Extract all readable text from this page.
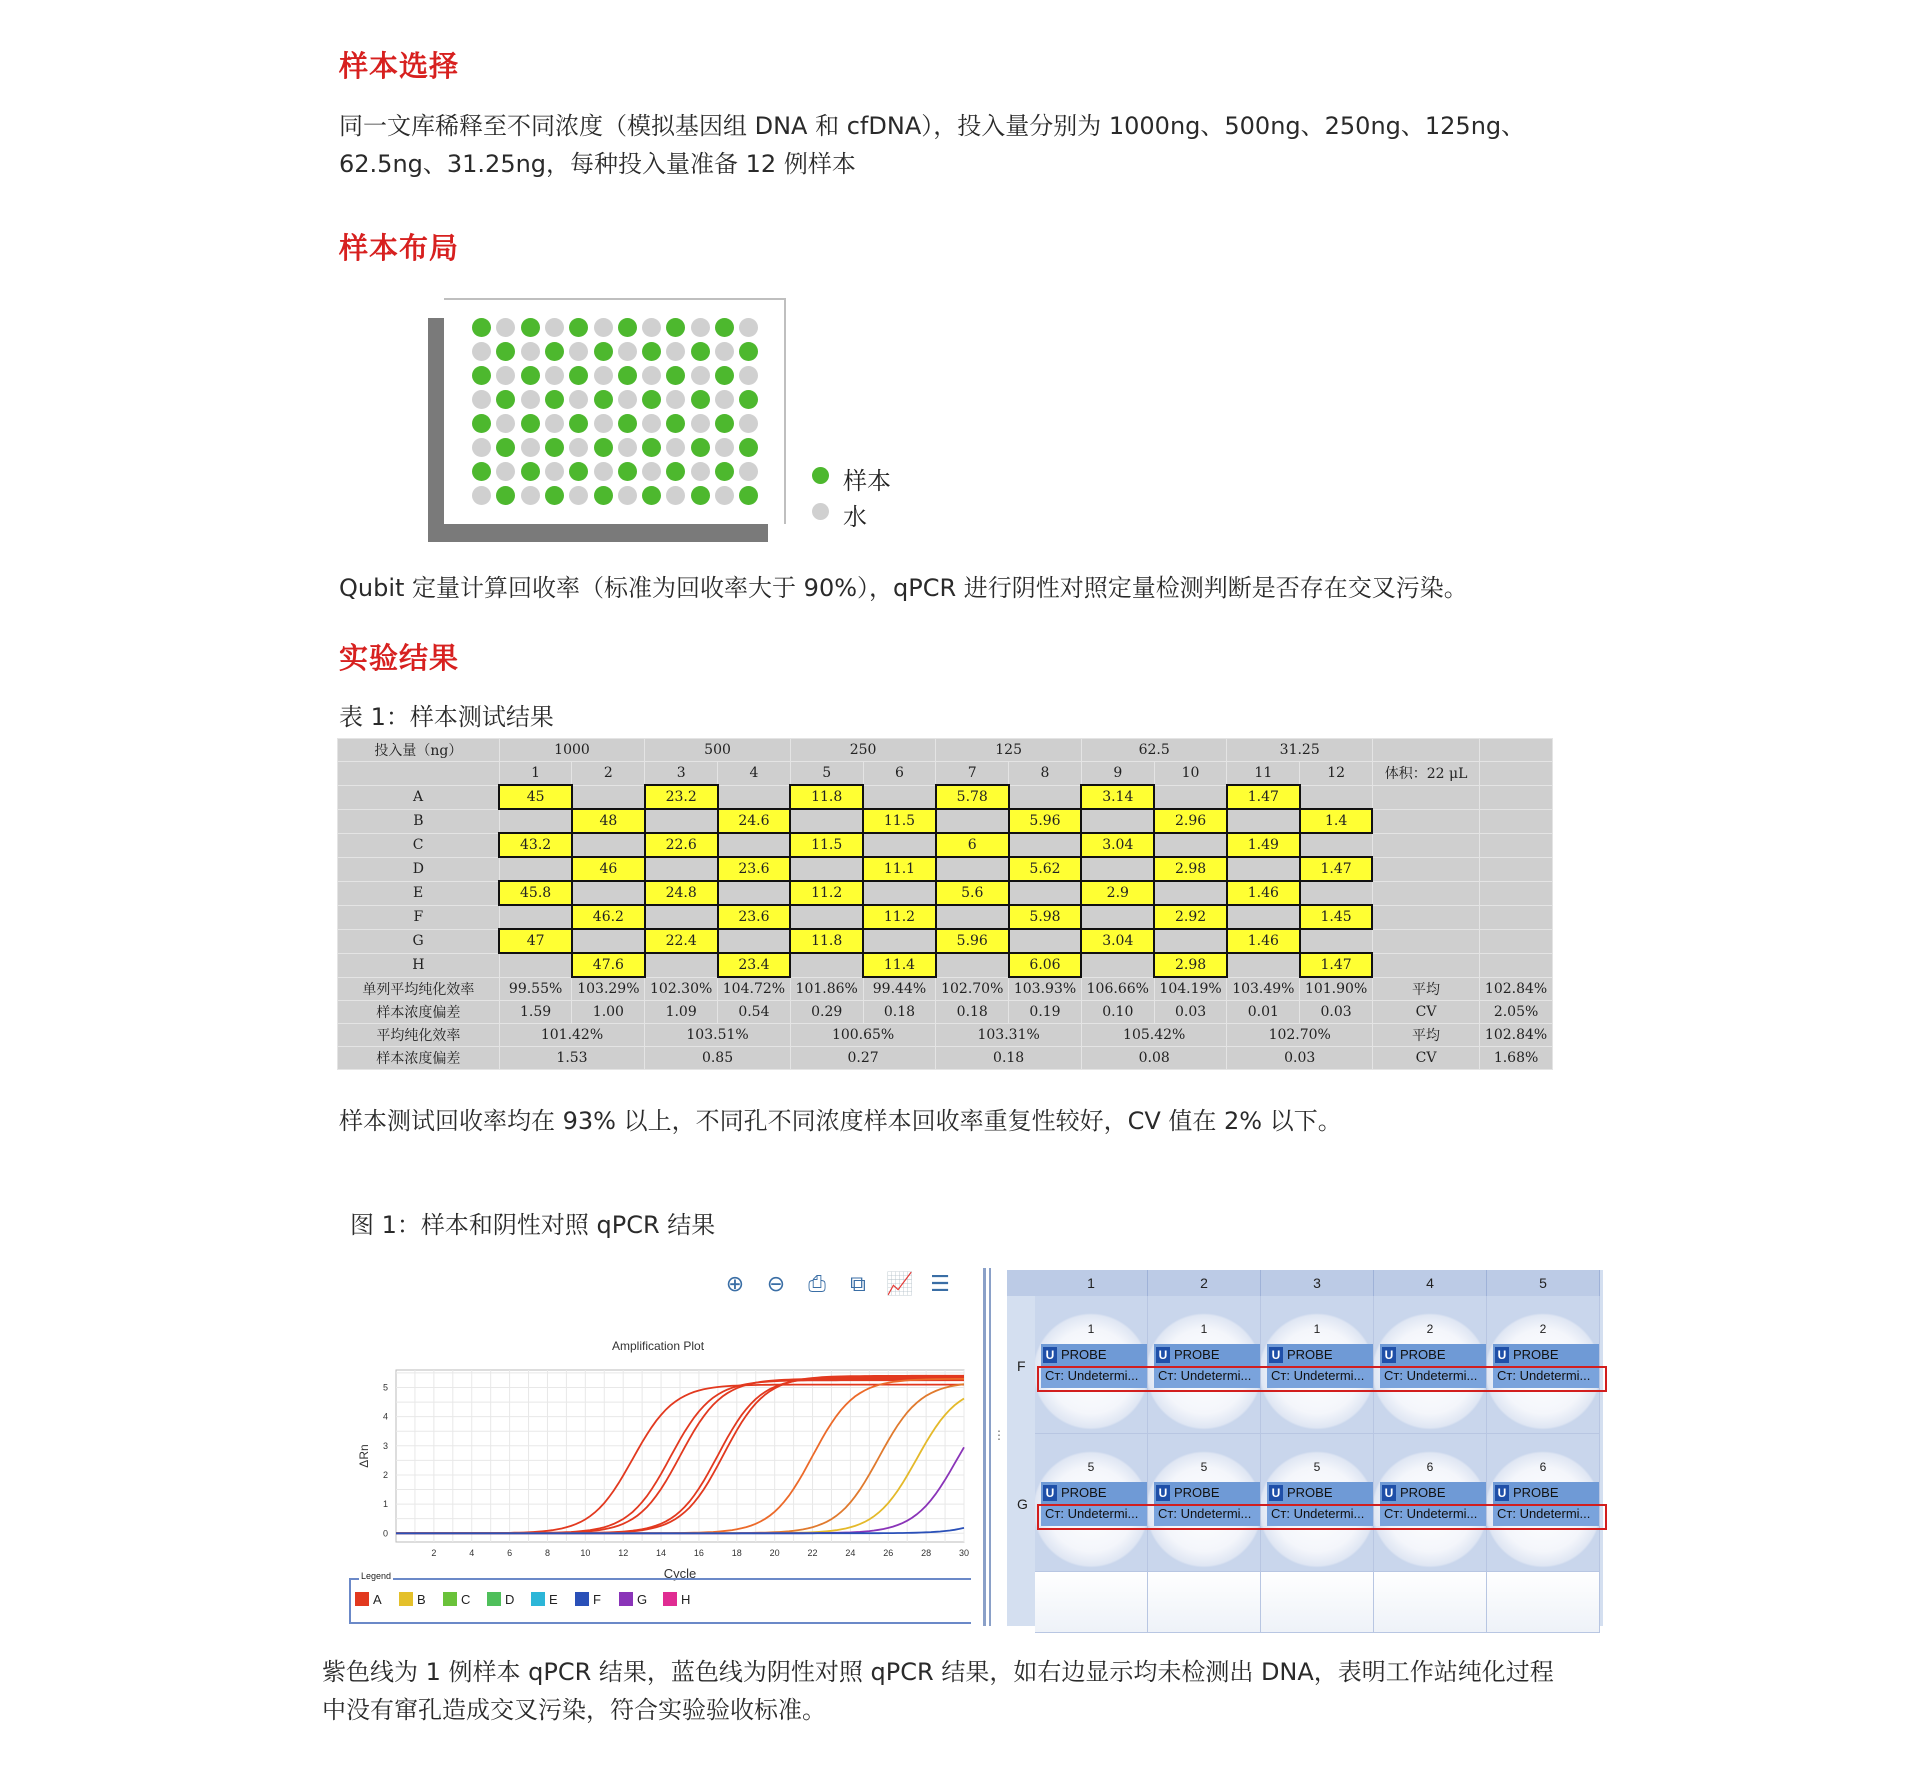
样本选择

同一文库稀释至不同浓度（模拟基因组 DNA 和 cfDNA），投入量分别为 1000ng、500ng、250ng、125ng、

62.5ng、31.25ng，每种投入量准备 12 例样本

样本布局
样本
水

Qubit 定量计算回收率（标准为回收率大于 90%），qPCR 进行阴性对照定量检测判断是否存在交叉污染。

实验结果
表 1：样本测试结果
投入量（ng）	1000		500		250		125		62.5		31.25			
	1	2	3	4	5	6	7	8	9	10	11	12	体积：22 μL	
A	45		23.2		11.8		5.78		3.14		1.47			
B		48		24.6		11.5		5.96		2.96		1.4		
C	43.2		22.6		11.5		6		3.04		1.49			
D		46		23.6		11.1		5.62		2.98		1.47		
E	45.8		24.8		11.2		5.6		2.9		1.46			
F		46.2		23.6		11.2		5.98		2.92		1.45		
G	47		22.4		11.8		5.96		3.04		1.46			
H		47.6		23.4		11.4		6.06		2.98		1.47		
单列平均纯化效率	99.55%	103.29%	102.30%	104.72%	101.86%	99.44%	102.70%	103.93%	106.66%	104.19%	103.49%	101.90%	平均	102.84%
样本浓度偏差	1.59	1.00	1.09	0.54	0.29	0.18	0.18	0.19	0.10	0.03	0.01	0.03	CV	2.05%
平均纯化效率	101.42%		103.51%		100.65%		103.31%		105.42%		102.70%		平均	102.84%
样本浓度偏差	1.53		0.85		0.27		0.18		0.08		0.03		CV	1.68%

样本测试回收率均在 93% 以上，不同孔不同浓度样本回收率重复性较好，CV 值在 2% 以下。

图 1：样本和阴性对照 qPCR 结果
⊕ ⊖ ⎙ ⧉ 📈 ☰
Amplification Plot
2	4	6	8	10	12	14	16	18	20	22	24	26	28	30
0
1
2
3
4
5
Cycle
ΔRn
Legend
A	B	C	D	E	F	G	H
⋮
1	2	3	4	5
F
1
U PROBE
Cт: Undetermi...
1
U PROBE
Cт: Undetermi...
1
U PROBE
Cт: Undetermi...
2
U PROBE
Cт: Undetermi...
2
U PROBE
Cт: Undetermi...
G
5
U PROBE
Cт: Undetermi...
5
U PROBE
Cт: Undetermi...
5
U PROBE
Cт: Undetermi...
6
U PROBE
Cт: Undetermi...
6
U PROBE
Cт: Undetermi...

紫色线为 1 例样本 qPCR 结果，蓝色线为阴性对照 qPCR 结果，如右边显示均未检测出 DNA，表明工作站纯化过程

中没有窜孔造成交叉污染，符合实验验收标准。
